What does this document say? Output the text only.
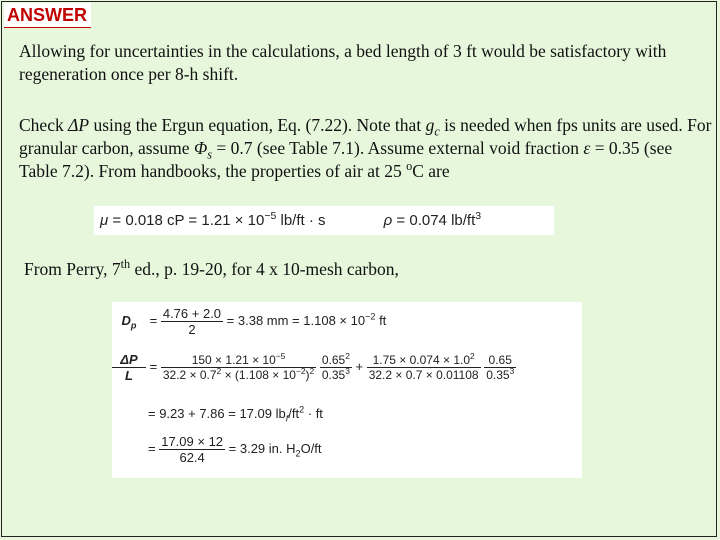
ANSWER
Allowing for uncertainties in the calculations, a bed length of 3 ft would be satisfactory with regeneration once per 8-h shift.
Check ΔP using the Ergun equation, Eq. (7.22). Note that $g_c$ is needed when fps units are used. For granular carbon, assume $\Phi_s = 0.7$ (see Table 7.1). Assume external void fraction ε = 0.35 (see Table 7.2). From handbooks, the properties of air at 25 $^o$C are
μ = 0.018 cP = $1.21 \times 10^{-5}$ lb/ft · s	ρ = 0.074 $lb/ft^3$
From Perry, 7th ed., p. 19-20, for 4 x 10-mesh carbon,
$D_p = \frac{4.76 + 2.0}{2} = 3.38$ mm = $1.108 \times 10^{-2}$ ft
$\frac{\Delta P}{L} = \frac{150 \times 1.21 \times 10^{-5}}{32.2 \times 0.7^2 \times (1.108 \times 10^{-2})^2}$
$\frac{0.65^2}{0.35^3} + \frac{1.75 \times 0.074 \times 1.0^2}{32.2 \times 0.7 \times 0.01108}$
$\frac{0.65}{0.35^3}$
= 9.23 + 7.86 = 17.09 $lb_f/ft^2$ · ft
= $\frac{17.09 \times 12}{62.4} = 3.29$ in. $H_2O/ft$
